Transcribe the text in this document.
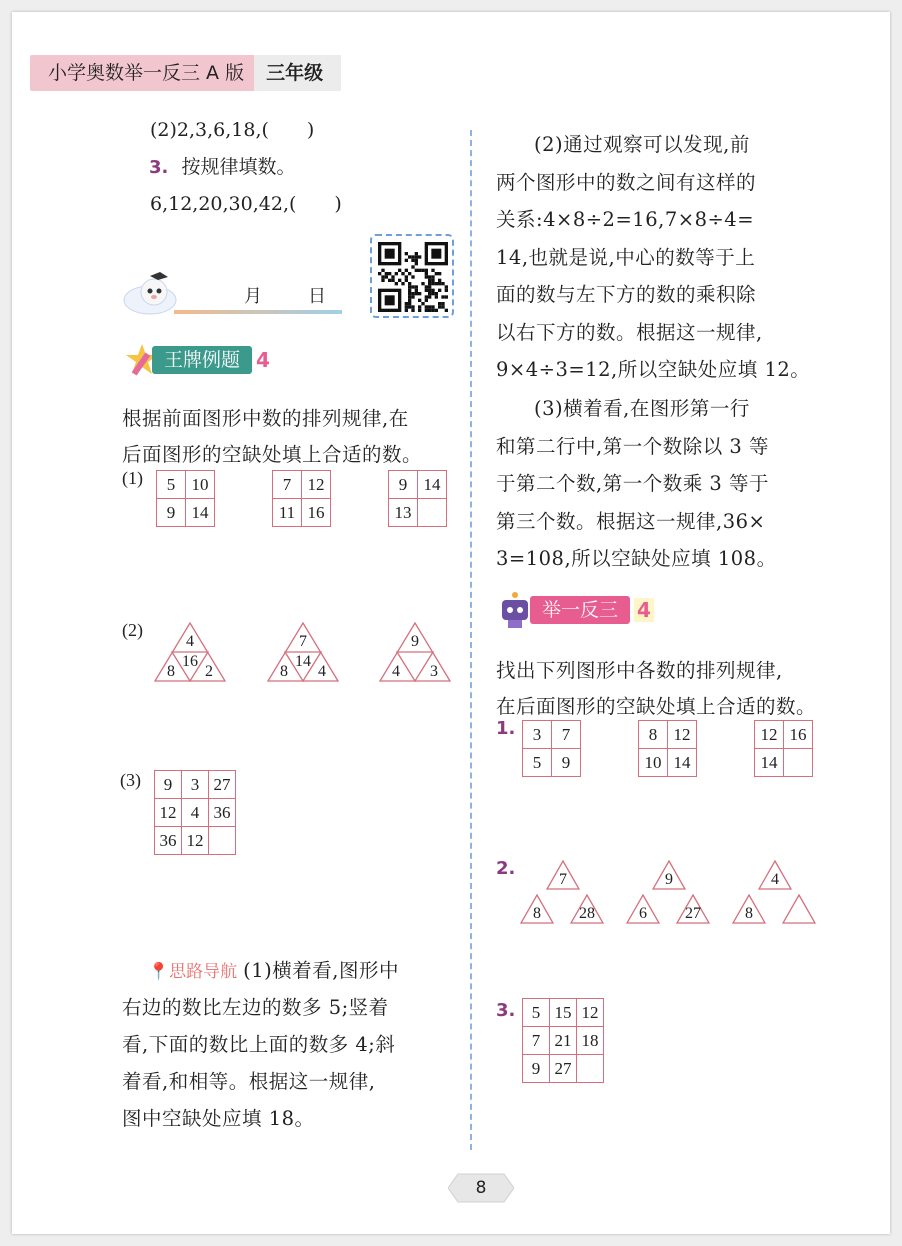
小学奥数举一反三 A 版	三年级
(2)2,3,6,18,(　　)
3. 按规律填数。
6,12,20,30,42,(　　)
月	日
王牌例题 4
根据前面图形中数的排列规律,在
后面图形的空缺处填上合适的数。
(1) 5	10
9	14
7	12
11	16
9	14
13	
(2)
4
16
8 2
7
14
8 4
9
4 3
(3) 9	3	27
12	4	36
36	12	
📍思路导航 (1)横着看,图形中
右边的数比左边的数多 5;竖着
看,下面的数比上面的数多 4;斜
着看,和相等。根据这一规律,
图中空缺处应填 18。
(2)通过观察可以发现,前
两个图形中的数之间有这样的
关系:4×8÷2=16,7×8÷4=
14,也就是说,中心的数等于上
面的数与左下方的数的乘积除
以右下方的数。根据这一规律,
9×4÷3=12,所以空缺处应填 12。
(3)横着看,在图形第一行
和第二行中,第一个数除以 3 等
于第二个数,第一个数乘 3 等于
第三个数。根据这一规律,36×
3=108,所以空缺处应填 108。
举一反三 4
找出下列图形中各数的排列规律,
在后面图形的空缺处填上合适的数。
1. 3	7
5	9
8	12
10	14
12	16
14	
2.
7
8 28
9
6 27
4
8
3. 5	15	12
7	21	18
9	27	
8
